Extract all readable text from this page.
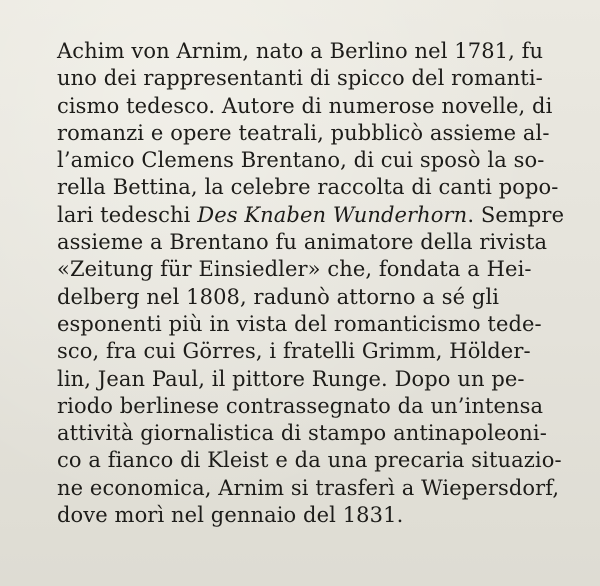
Achim von Arnim, nato a Berlino nel 1781, fu
uno dei rappresentanti di spicco del romanti-
cismo tedesco. Autore di numerose novelle, di
romanzi e opere teatrali, pubblicò assieme al-
l’amico Clemens Brentano, di cui sposò la so-
rella Bettina, la celebre raccolta di canti popo-
lari tedeschi Des Knaben Wunderhorn. Sempre
assieme a Brentano fu animatore della rivista
«Zeitung für Einsiedler» che, fondata a Hei-
delberg nel 1808, radunò attorno a sé gli
esponenti più in vista del romanticismo tede-
sco, fra cui Görres, i fratelli Grimm, Hölder-
lin, Jean Paul, il pittore Runge. Dopo un pe-
riodo berlinese contrassegnato da un’intensa
attività giornalistica di stampo antinapoleoni-
co a fianco di Kleist e da una precaria situazio-
ne economica, Arnim si trasferì a Wiepersdorf,
dove morì nel gennaio del 1831.
